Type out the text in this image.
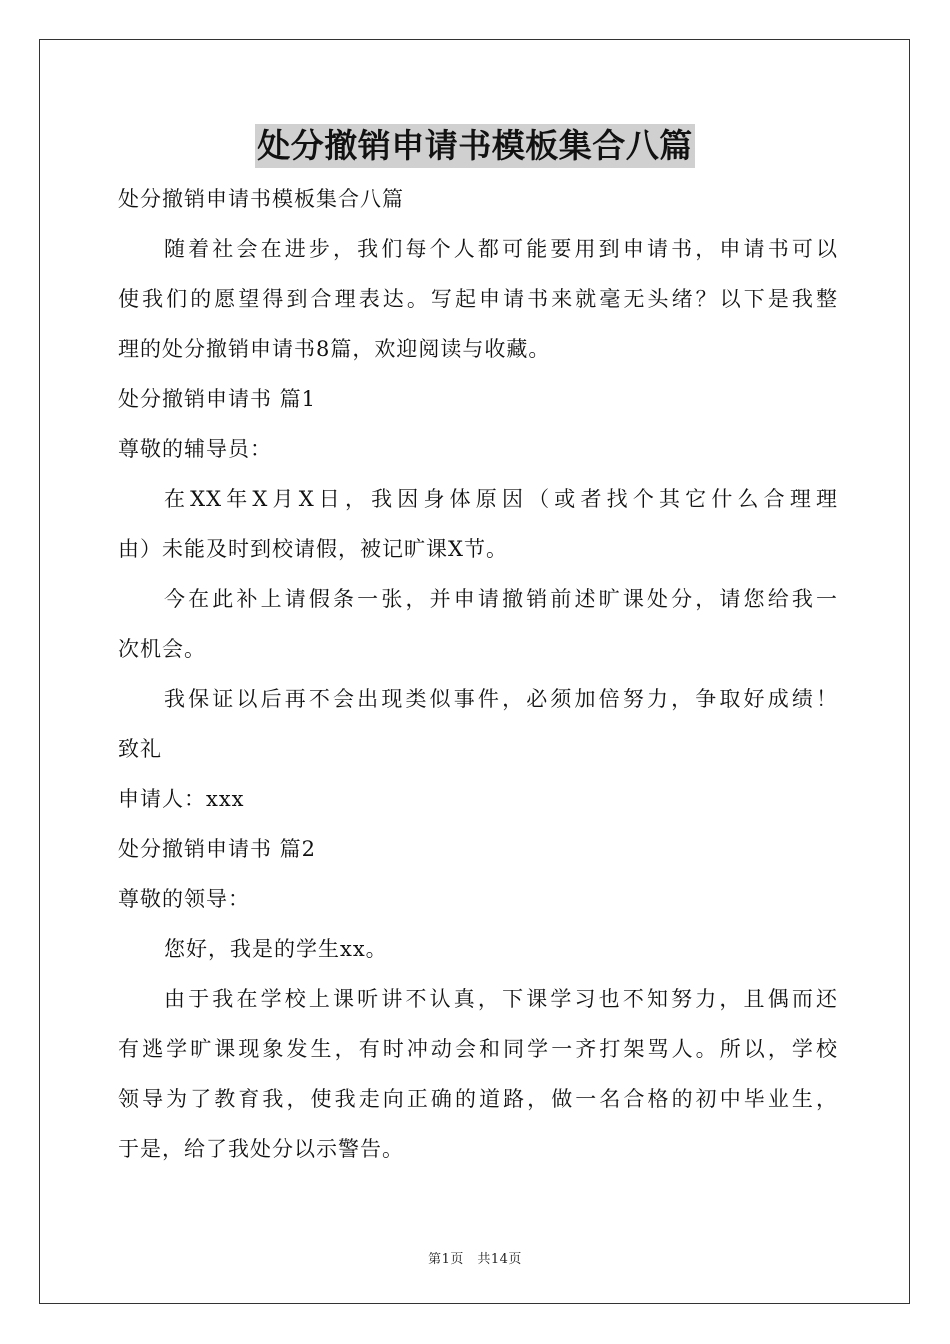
处分撤销申请书模板集合八篇
处分撤销申请书模板集合八篇
随着社会在进步，我们每个人都可能要用到申请书，申请书可以
使我们的愿望得到合理表达。写起申请书来就毫无头绪？以下是我整
理的处分撤销申请书8篇，欢迎阅读与收藏。
处分撤销申请书 篇1
尊敬的辅导员：
在XX年X月X日，我因身体原因（或者找个其它什么合理理
由）未能及时到校请假，被记旷课X节。
今在此补上请假条一张，并申请撤销前述旷课处分，请您给我一
次机会。
我保证以后再不会出现类似事件，必须加倍努力，争取好成绩！
致礼
申请人：xxx
处分撤销申请书 篇2
尊敬的领导：
您好，我是的学生xx。
由于我在学校上课听讲不认真，下课学习也不知努力，且偶而还
有逃学旷课现象发生，有时冲动会和同学一齐打架骂人。所以，学校
领导为了教育我，使我走向正确的道路，做一名合格的初中毕业生，
于是，给了我处分以示警告。
第1页　共14页
